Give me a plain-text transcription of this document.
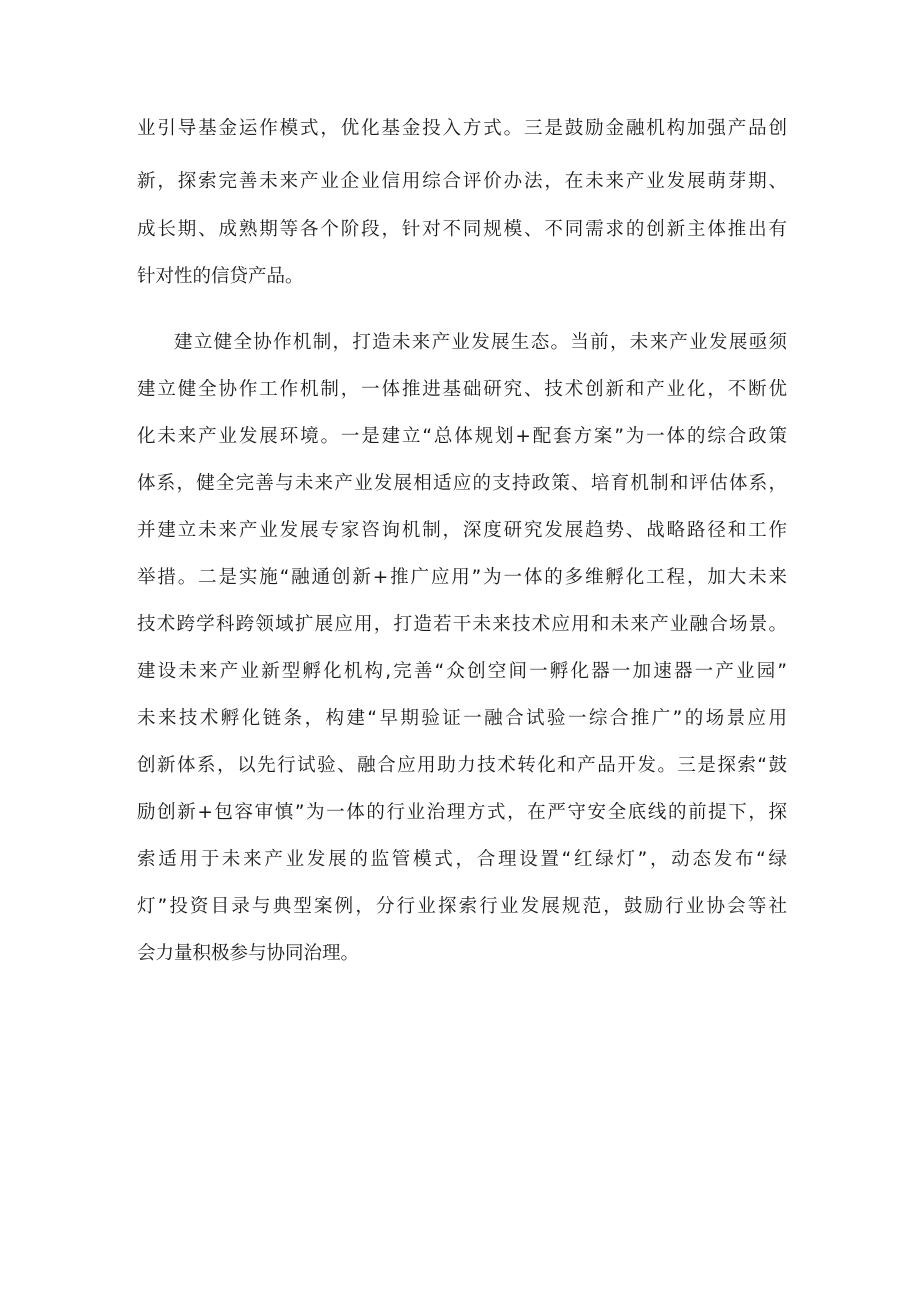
业引导基金运作模式，优化基金投入方式。三是鼓励金融机构加强产品创
新，探索完善未来产业企业信用综合评价办法，在未来产业发展萌芽期、
成长期、成熟期等各个阶段，针对不同规模、不同需求的创新主体推出有
针对性的信贷产品。
建立健全协作机制，打造未来产业发展生态。当前，未来产业发展亟须
建立健全协作工作机制，一体推进基础研究、技术创新和产业化，不断优
化未来产业发展环境。一是建立“总体规划+配套方案”为一体的综合政策
体系，健全完善与未来产业发展相适应的支持政策、培育机制和评估体系，
并建立未来产业发展专家咨询机制，深度研究发展趋势、战略路径和工作
举措。二是实施“融通创新+推广应用”为一体的多维孵化工程，加大未来
技术跨学科跨领域扩展应用，打造若干未来技术应用和未来产业融合场景。
建设未来产业新型孵化机构,完善“众创空间一孵化器一加速器一产业园”
未来技术孵化链条，构建“早期验证一融合试验一综合推广”的场景应用
创新体系，以先行试验、融合应用助力技术转化和产品开发。三是探索“鼓
励创新+包容审慎”为一体的行业治理方式，在严守安全底线的前提下，探
索适用于未来产业发展的监管模式，合理设置“红绿灯”，动态发布“绿
灯”投资目录与典型案例，分行业探索行业发展规范，鼓励行业协会等社
会力量积极参与协同治理。
